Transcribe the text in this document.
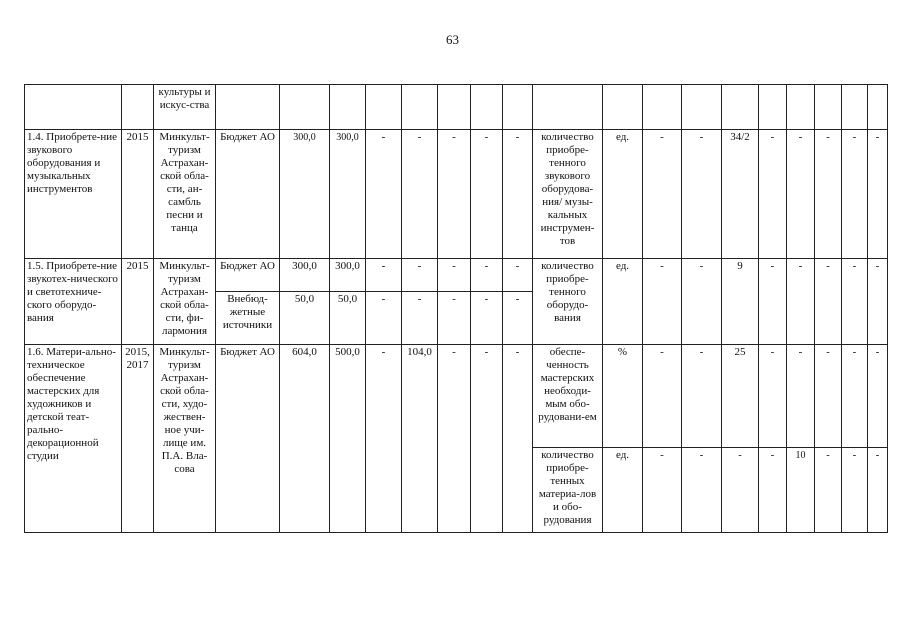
63
		культуры и искус-ства																		
1.4. Приобрете-ние звукового оборудования и музыкальных инструментов	2015	Минкульт-туризм Астрахан-ской обла-сти, ан-самбль песни и танца	Бюджет АО	300,0	300,0	-	-	-	-	-	количество приобре-тенного звукового оборудова-ния/ музы-кальных инструмен-тов	ед.	-	-	34/2	-	-	-	-	-
1.5. Приобрете-ние звукотех-нического и светотехниче-ского оборудо-вания	2015	Минкульт-туризм Астрахан-ской обла-сти, фи-лармония	Бюджет АО	300,0	300,0	-	-	-	-	-	количество приобре-тенного оборудо-вания	ед.	-	-	9	-	-	-	-	-
			Внебюд-жетные источники	50,0	50,0	-	-	-	-	-										
1.6. Матери-ально-техническое обеспечение мастерских для художников и детской теат-рально-декорационной студии	2015, 2017	Минкульт-туризм Астрахан-ской обла-сти, худо-жествен-ное учи-лище им. П.А. Вла-сова	Бюджет АО	604,0	500,0	-	104,0	-	-	-	обеспе-ченность мастерских необходи-мым обо-рудовани-ем	%	-	-	25	-	-	-	-	-
											количество приобре-тенных материа-лов и обо-рудования	ед.	-	-	-	-	10	-	-	-
